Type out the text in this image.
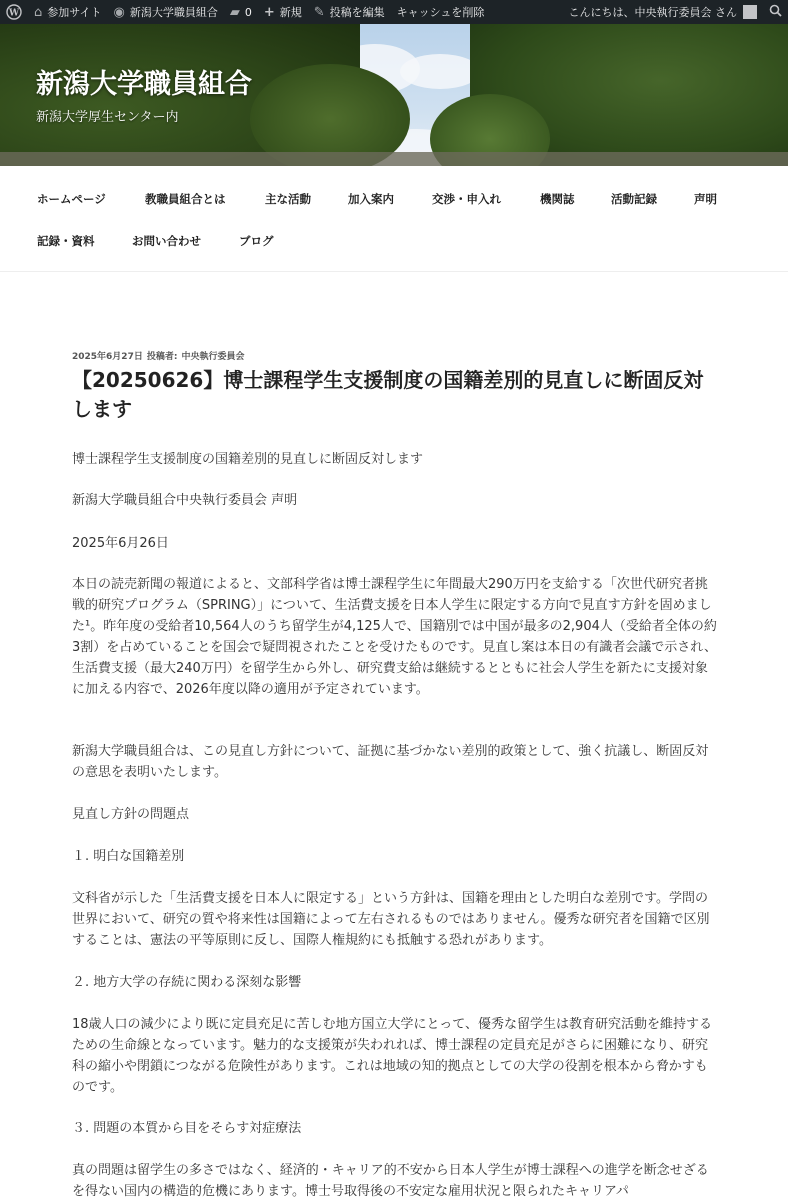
W ⌂ 参加サイト ◉ 新潟大学職員組合 ▰ 0 + 新規 ✎ 投稿を編集 キャッシュを削除	こんにちは、中央執行委員会 さん
新潟大学職員組合

新潟大学厚生センター内

ホームページ	教職員組合とは	主な活動	加入案内	交渉・申入れ	機関誌	活動記録	声明
記録・資料	お問い合わせ	ブログ
2025年6月27日 投稿者: 中央執行委員会
【20250626】博士課程学生支援制度の国籍差別的見直しに断固反対します

博士課程学生支援制度の国籍差別的見直しに断固反対します

新潟大学職員組合中央執行委員会 声明

2025年6月26日

本日の読売新聞の報道によると、文部科学省は博士課程学生に年間最大290万円を支給する「次世代研究者挑戦的研究プログラム（SPRING）」について、生活費支援を日本人学生に限定する方向で見直す方針を固めました¹。昨年度の受給者10,564人のうち留学生が4,125人で、国籍別では中国が最多の2,904人（受給者全体の約3割）を占めていることを国会で疑問視されたことを受けたものです。見直し案は本日の有識者会議で示され、生活費支援（最大240万円）を留学生から外し、研究費支給は継続するとともに社会人学生を新たに支援対象に加える内容で、2026年度以降の適用が予定されています。

新潟大学職員組合は、この見直し方針について、証拠に基づかない差別的政策として、強く抗議し、断固反対の意思を表明いたします。

見直し方針の問題点

１. 明白な国籍差別

文科省が示した「生活費支援を日本人に限定する」という方針は、国籍を理由とした明白な差別です。学問の世界において、研究の質や将来性は国籍によって左右されるものではありません。優秀な研究者を国籍で区別することは、憲法の平等原則に反し、国際人権規約にも抵触する恐れがあります。

２. 地方大学の存続に関わる深刻な影響

18歳人口の減少により既に定員充足に苦しむ地方国立大学にとって、優秀な留学生は教育研究活動を維持するための生命線となっています。魅力的な支援策が失われれば、博士課程の定員充足がさらに困難になり、研究科の縮小や閉鎖につながる危険性があります。これは地域の知的拠点としての大学の役割を根本から脅かすものです。

３. 問題の本質から目をそらす対症療法

真の問題は留学生の多さではなく、経済的・キャリア的不安から日本人学生が博士課程への進学を断念せざるを得ない国内の構造的危機にあります。博士号取得後の不安定な雇用状況と限られたキャリアパ
